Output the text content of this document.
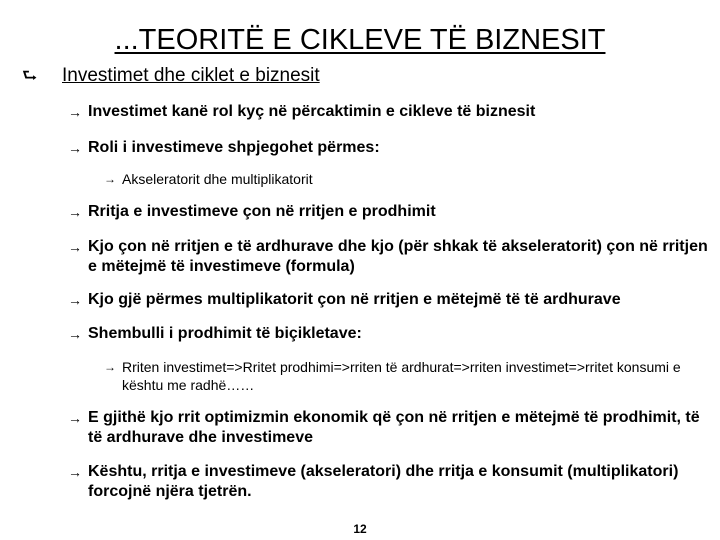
...TEORITË E CIKLEVE TË BIZNESIT
⮑ Investimet dhe ciklet e biznesit
→ Investimet kanë rol kyç në përcaktimin e cikleve të biznesit
→ Roli i investimeve shpjegohet përmes:
→ Akseleratorit dhe multiplikatorit
→ Rritja e investimeve çon në rritjen e prodhimit
→ Kjo çon në rritjen e të ardhurave dhe kjo (për shkak të akseleratorit) çon në rritjen e mëtejmë të investimeve (formula)
→ Kjo gjë përmes multiplikatorit çon në rritjen e mëtejmë të të ardhurave
→ Shembulli i prodhimit të biçikletave:
→ Rriten investimet=>Rritet prodhimi=>rriten të ardhurat=>rriten investimet=>rritet konsumi e kështu me radhë……
→ E gjithë kjo rrit optimizmin ekonomik që çon në rritjen e mëtejmë të prodhimit, të të ardhurave dhe investimeve
→ Kështu, rritja e investimeve (akseleratori) dhe rritja e konsumit (multiplikatori) forcojnë njëra tjetrën.
12
